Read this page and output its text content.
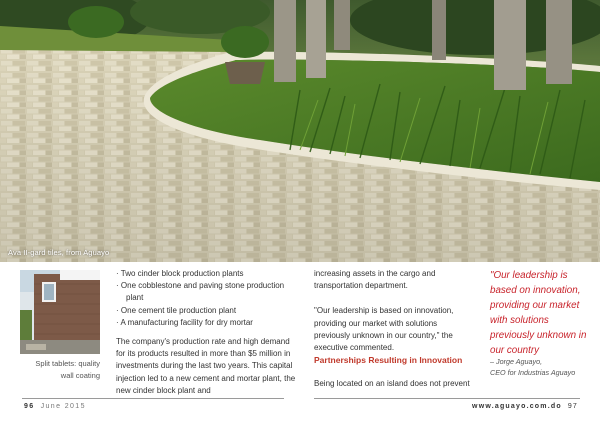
Ava II-gard tiles, from Aguayo
Split tablets: quality
wall coating
· Two cinder block production plants
· One cobblestone and paving stone production plant
· One cement tile production plant
· A manufacturing facility for dry mortar

The company's production rate and high demand for its products resulted in more than $5 million in investments during the last two years. This capital injection led to a new cement and mortar plant, the new cinder block plant and

increasing assets in the cargo and transportation department.

"Our leadership is based on innovation, providing our market with solutions previously unknown in our country," the executive commented.

Partnerships Resulting in Innovation

Being located on an island does not prevent

"Our leadership is based on innovation, providing our market with solutions previously unknown in our country
– Jorge Aguayo,
CEO for Industrias Aguayo
96 June 2015	www.aguayo.com.do 97
